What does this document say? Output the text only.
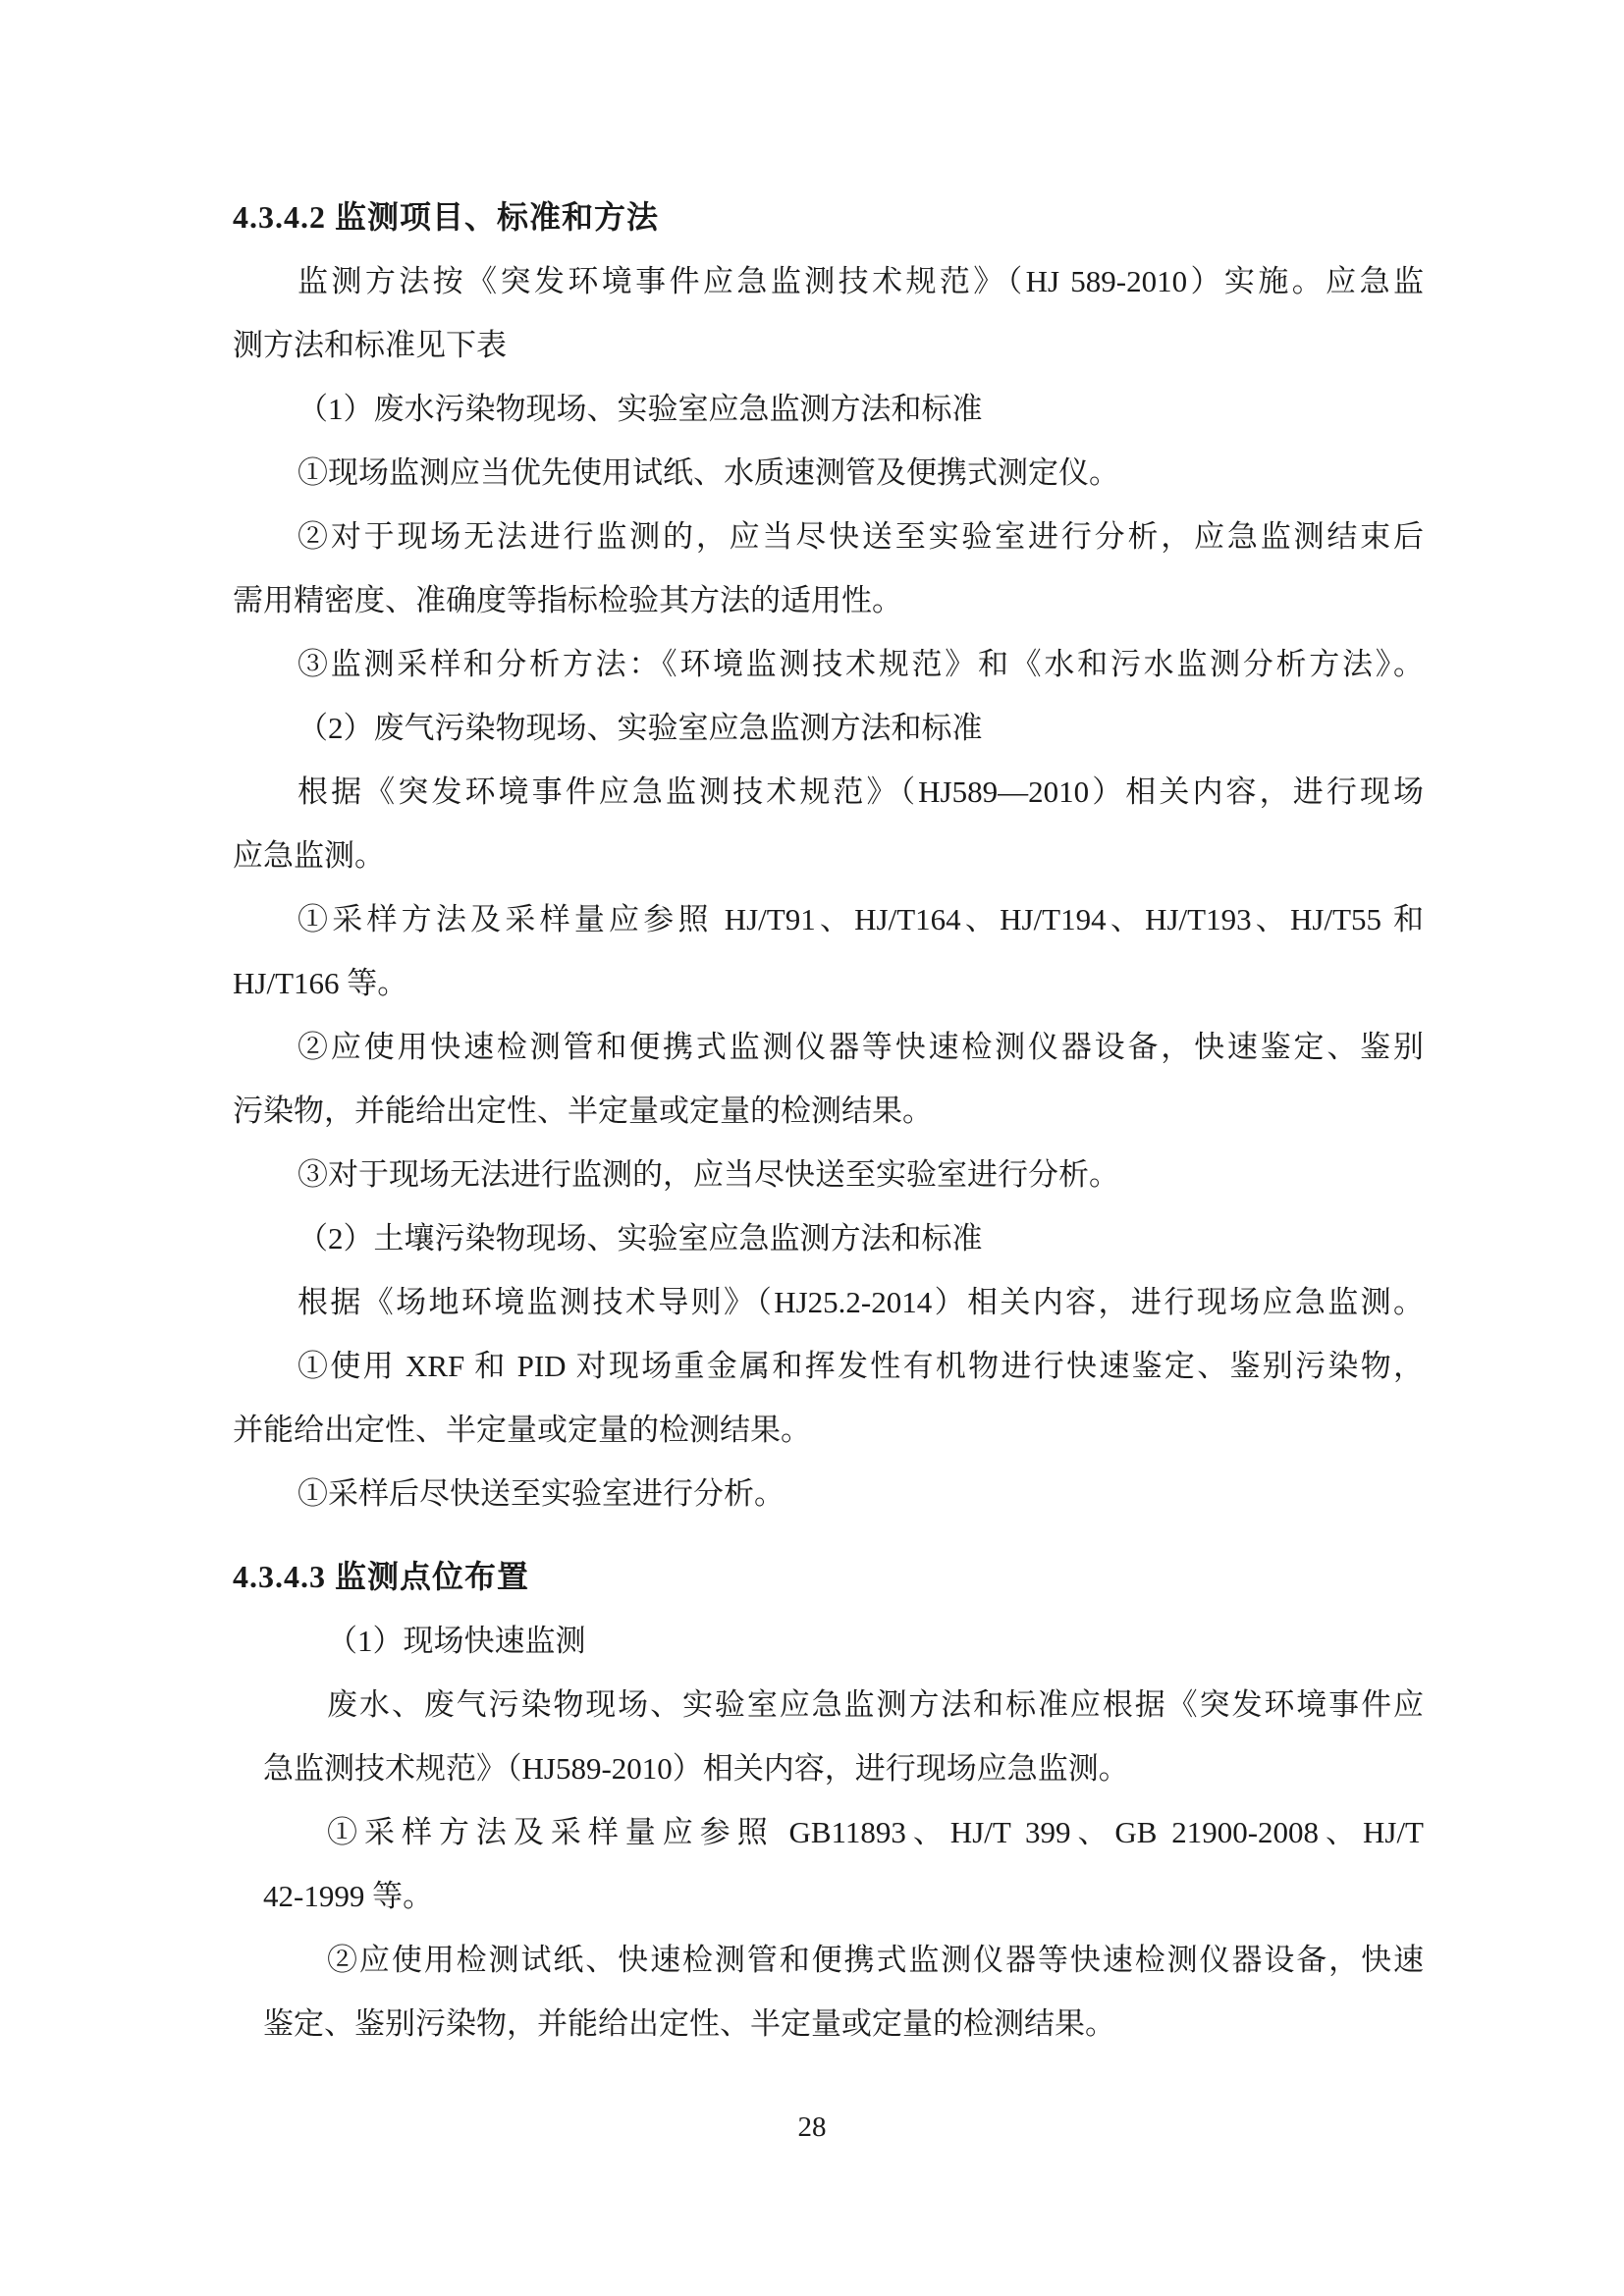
4.3.4.2 监测项目、标准和方法
监测方法按《突发环境事件应急监测技术规范》（HJ 589-2010）实施。应急监
测方法和标准见下表
（1）废水污染物现场、实验室应急监测方法和标准
①现场监测应当优先使用试纸、水质速测管及便携式测定仪。
②对于现场无法进行监测的，应当尽快送至实验室进行分析，应急监测结束后
需用精密度、准确度等指标检验其方法的适用性。
③监测采样和分析方法：《环境监测技术规范》和《水和污水监测分析方法》。
（2）废气污染物现场、实验室应急监测方法和标准
根据《突发环境事件应急监测技术规范》（HJ589—2010）相关内容，进行现场
应急监测。
①采样方法及采样量应参照 HJ/T91、HJ/T164、HJ/T194、HJ/T193、HJ/T55 和
HJ/T166 等。
②应使用快速检测管和便携式监测仪器等快速检测仪器设备，快速鉴定、鉴别
污染物，并能给出定性、半定量或定量的检测结果。
③对于现场无法进行监测的，应当尽快送至实验室进行分析。
（2）土壤污染物现场、实验室应急监测方法和标准
根据《场地环境监测技术导则》（HJ25.2-2014）相关内容，进行现场应急监测。
①使用 XRF 和 PID 对现场重金属和挥发性有机物进行快速鉴定、鉴别污染物，
并能给出定性、半定量或定量的检测结果。
①采样后尽快送至实验室进行分析。
4.3.4.3 监测点位布置
（1）现场快速监测
废水、废气污染物现场、实验室应急监测方法和标准应根据《突发环境事件应
急监测技术规范》（HJ589-2010）相关内容，进行现场应急监测。
①采样方法及采样量应参照 GB11893、HJ/T 399、GB 21900-2008、HJ/T
42-1999 等。
②应使用检测试纸、快速检测管和便携式监测仪器等快速检测仪器设备，快速
鉴定、鉴别污染物，并能给出定性、半定量或定量的检测结果。
28
